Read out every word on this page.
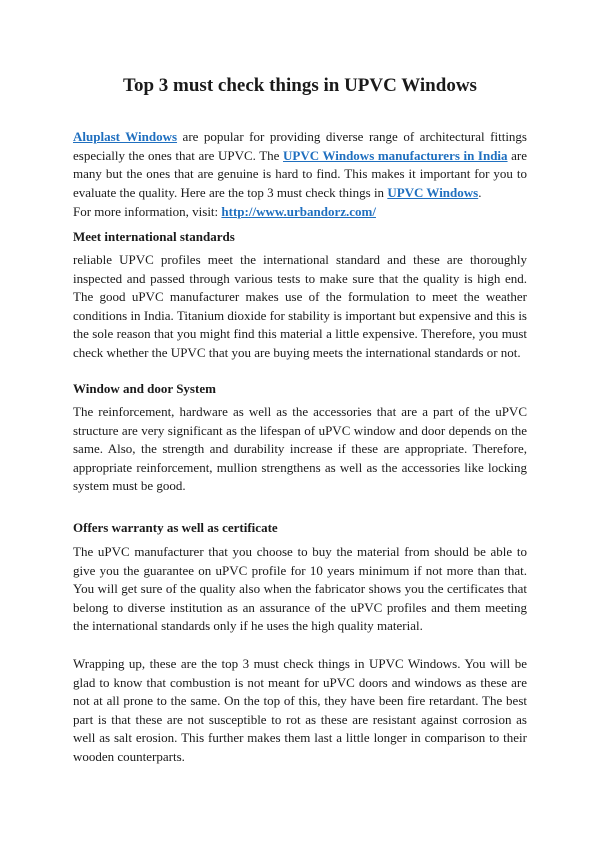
Top 3 must check things in UPVC Windows

Aluplast Windows are popular for providing diverse range of architectural fittings especially the ones that are UPVC. The UPVC Windows manufacturers in India are many but the ones that are genuine is hard to find. This makes it important for you to evaluate the quality. Here are the top 3 must check things in UPVC Windows.

For more information, visit: http://www.urbandorz.com/

Meet international standards

reliable UPVC profiles meet the international standard and these are thoroughly inspected and passed through various tests to make sure that the quality is high end. The good uPVC manufacturer makes use of the formulation to meet the weather conditions in India. Titanium dioxide for stability is important but expensive and this is the sole reason that you might find this material a little expensive. Therefore, you must check whether the UPVC that you are buying meets the international standards or not.

Window and door System

The reinforcement, hardware as well as the accessories that are a part of the uPVC structure are very significant as the lifespan of uPVC window and door depends on the same. Also, the strength and durability increase if these are appropriate. Therefore, appropriate reinforcement, mullion strengthens as well as the accessories like locking system must be good.

Offers warranty as well as certificate

The uPVC manufacturer that you choose to buy the material from should be able to give you the guarantee on uPVC profile for 10 years minimum if not more than that. You will get sure of the quality also when the fabricator shows you the certificates that belong to diverse institution as an assurance of the uPVC profiles and them meeting the international standards only if he uses the high quality material.

Wrapping up, these are the top 3 must check things in UPVC Windows. You will be glad to know that combustion is not meant for uPVC doors and windows as these are not at all prone to the same. On the top of this, they have been fire retardant. The best part is that these are not susceptible to rot as these are resistant against corrosion as well as salt erosion. This further makes them last a little longer in comparison to their wooden counterparts.
